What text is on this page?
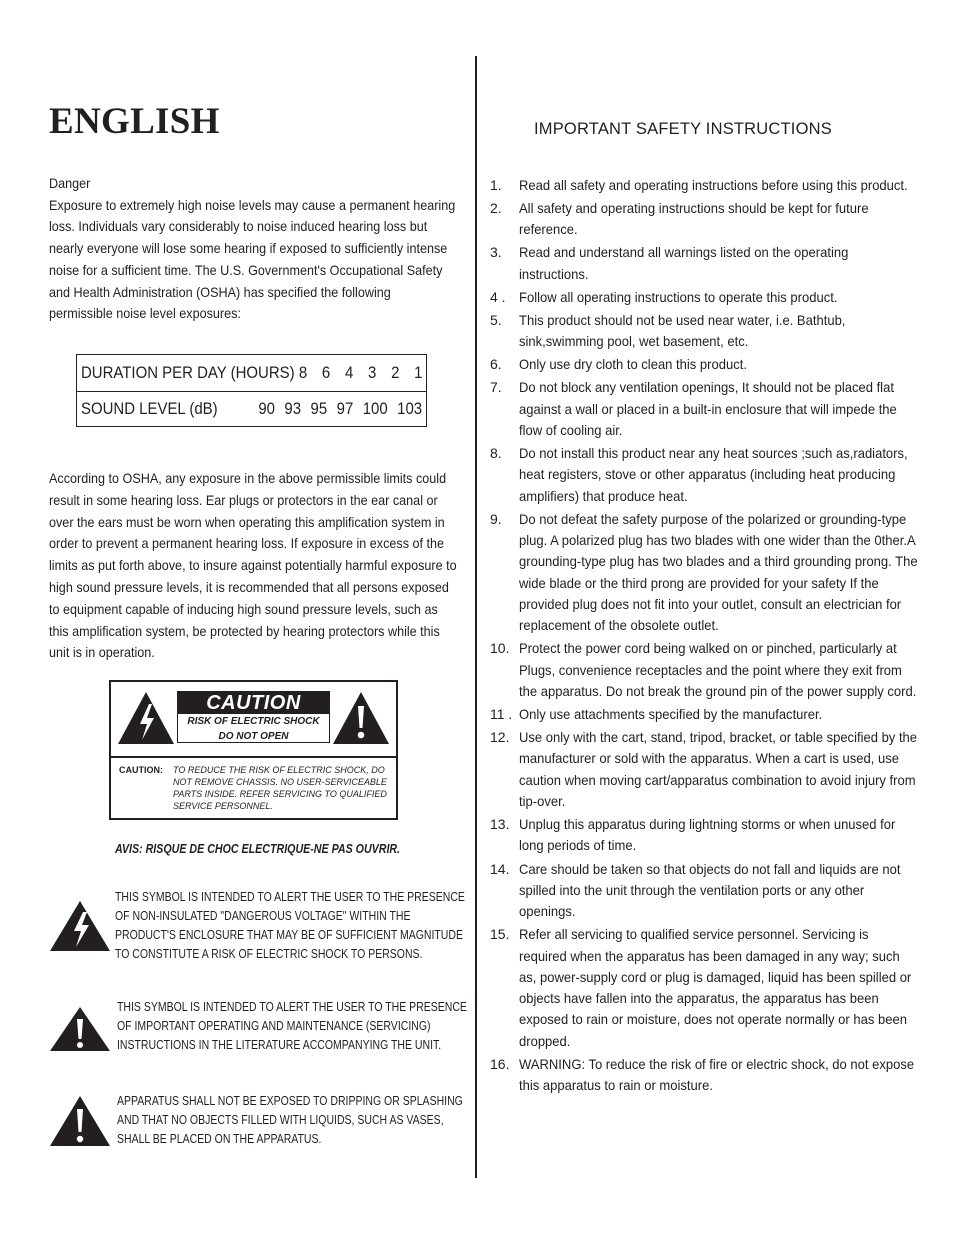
ENGLISH

Danger

Exposure to extremely high noise levels may cause a permanent hearing loss. Individuals vary considerably to noise induced hearing loss but nearly everyone will lose some hearing if exposed to sufficiently intense noise for a sufficient time. The U.S. Government's Occupational Safety and Health Administration (OSHA) has specified the following permissible noise level exposures:

DURATION PER DAY (HOURS) 8 6 4 3 2 1
SOUND LEVEL (dB)	90 93 95 97 100 103

According to OSHA, any exposure in the above permissible limits could result in some hearing loss. Ear plugs or protectors in the ear canal or over the ears must be worn when operating this amplification system in order to prevent a permanent hearing loss. If exposure in excess of the limits as put forth above, to insure against potentially harmful exposure to high sound pressure levels, it is recommended that all persons exposed to equipment capable of inducing high sound pressure levels, such as this amplification system, be protected by hearing protectors while this unit is in operation.

CAUTION
RISK OF ELECTRIC SHOCK
DO NOT OPEN
CAUTION:	TO REDUCE THE RISK OF ELECTRIC SHOCK, DO NOT REMOVE CHASSIS. NO USER-SERVICEABLE PARTS INSIDE. REFER SERVICING TO QUALIFIED SERVICE PERSONNEL.
AVIS: RISQUE DE CHOC ELECTRIQUE-NE PAS OUVRIR.

THIS SYMBOL IS INTENDED TO ALERT THE USER TO THE PRESENCE OF NON-INSULATED "DANGEROUS VOLTAGE" WITHIN THE PRODUCT'S ENCLOSURE THAT MAY BE OF SUFFICIENT MAGNITUDE TO CONSTITUTE A RISK OF ELECTRIC SHOCK TO PERSONS.

THIS SYMBOL IS INTENDED TO ALERT THE USER TO THE PRESENCE OF IMPORTANT OPERATING AND MAINTENANCE (SERVICING) INSTRUCTIONS IN THE LITERATURE ACCOMPANYING THE UNIT.

APPARATUS SHALL NOT BE EXPOSED TO DRIPPING OR SPLASHING AND THAT NO OBJECTS FILLED WITH LIQUIDS, SUCH AS VASES, SHALL BE PLACED ON THE APPARATUS.

IMPORTANT SAFETY INSTRUCTIONS
1. Read all safety and operating instructions before using this product.
2. All safety and operating instructions should be kept for future reference.
3. Read and understand all warnings listed on the operating instructions.
4 . Follow all operating instructions to operate this product.
5. This product should not be used near water, i.e. Bathtub, sink,swimming pool, wet basement, etc.
6. Only use dry cloth to clean this product.
7. Do not block any ventilation openings, It should not be placed flat against a wall or placed in a built-in enclosure that will impede the flow of cooling air.
8. Do not install this product near any heat sources ;such as,radiators, heat registers, stove or other apparatus (including heat producing amplifiers) that produce heat.
9. Do not defeat the safety purpose of the polarized or grounding-type plug. A polarized plug has two blades with one wider than the 0ther.A grounding-type plug has two blades and a third grounding prong. The wide blade or the third prong are provided for your safety If the provided plug does not fit into your outlet, consult an electrician for replacement of the obsolete outlet.
10. Protect the power cord being walked on or pinched, particularly at Plugs, convenience receptacles and the point where they exit from the apparatus. Do not break the ground pin of the power supply cord.
11 . Only use attachments specified by the manufacturer.
12. Use only with the cart, stand, tripod, bracket, or table specified by the manufacturer or sold with the apparatus. When a cart is used, use caution when moving cart/apparatus combination to avoid injury from tip-over.
13. Unplug this apparatus during lightning storms or when unused for long periods of time.
14. Care should be taken so that objects do not fall and liquids are not spilled into the unit through the ventilation ports or any other openings.
15. Refer all servicing to qualified service personnel. Servicing is required when the apparatus has been damaged in any way; such as, power-supply cord or plug is damaged, liquid has been spilled or objects have fallen into the apparatus, the apparatus has been exposed to rain or moisture, does not operate normally or has been dropped.
16. WARNING: To reduce the risk of fire or electric shock, do not expose this apparatus to rain or moisture.
